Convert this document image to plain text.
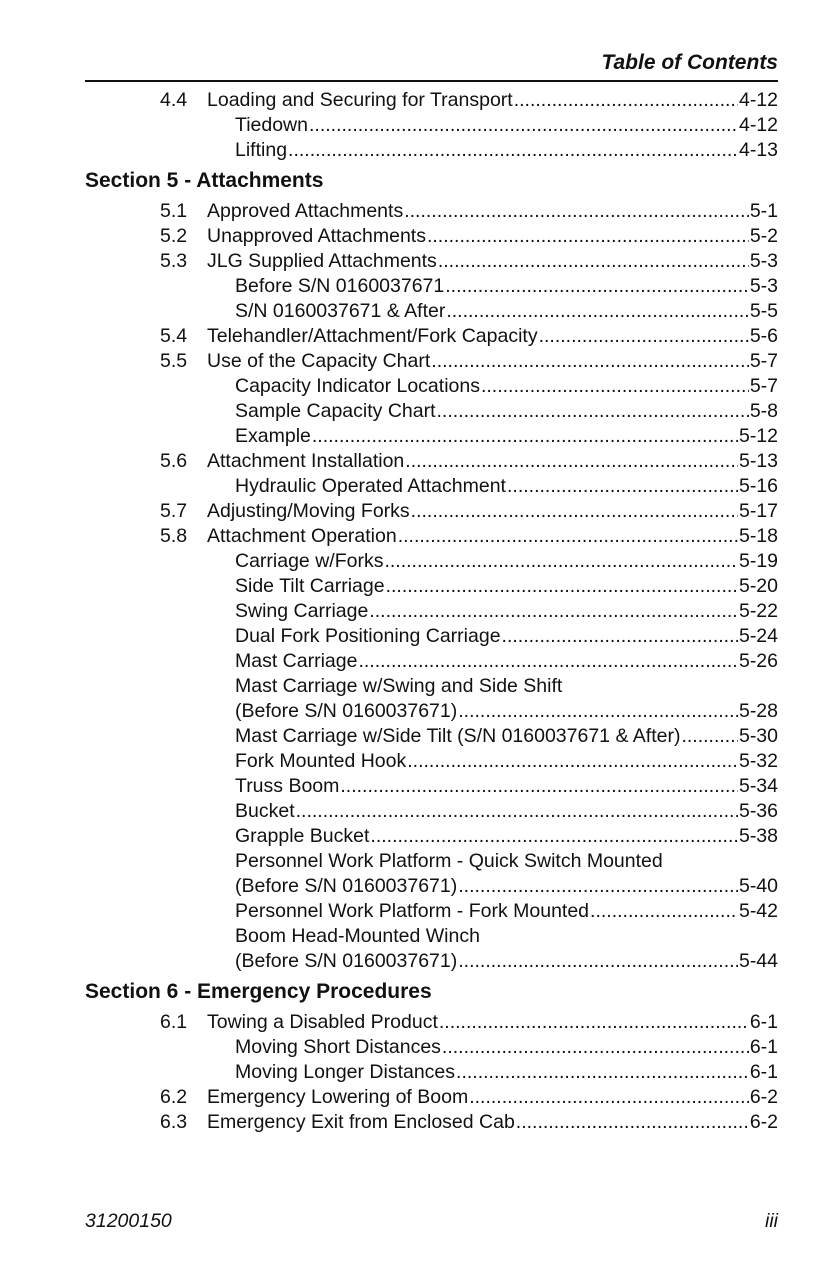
Table of Contents
4.4 Loading and Securing for Transport .....	4-12
Tiedown .....	4-12
Lifting .....	4-13
Section 5 - Attachments
5.1 Approved Attachments .....	5-1
5.2 Unapproved Attachments .....	5-2
5.3 JLG Supplied Attachments .....	5-3
Before S/N 0160037671 .....	5-3
S/N 0160037671 & After .....	5-5
5.4 Telehandler/Attachment/Fork Capacity .....	5-6
5.5 Use of the Capacity Chart .....	5-7
Capacity Indicator Locations .....	5-7
Sample Capacity Chart .....	5-8
Example .....	5-12
5.6 Attachment Installation .....	5-13
Hydraulic Operated Attachment .....	5-16
5.7 Adjusting/Moving Forks .....	5-17
5.8 Attachment Operation .....	5-18
Carriage w/Forks .....	5-19
Side Tilt Carriage .....	5-20
Swing Carriage .....	5-22
Dual Fork Positioning Carriage .....	5-24
Mast Carriage .....	5-26
Mast Carriage w/Swing and Side Shift
(Before S/N 0160037671) .....	5-28
Mast Carriage w/Side Tilt (S/N 0160037671 & After) .....	5-30
Fork Mounted Hook .....	5-32
Truss Boom .....	5-34
Bucket .....	5-36
Grapple Bucket .....	5-38
Personnel Work Platform - Quick Switch Mounted
(Before S/N 0160037671) .....	5-40
Personnel Work Platform - Fork Mounted .....	5-42
Boom Head-Mounted Winch
(Before S/N 0160037671) .....	5-44
Section 6 - Emergency Procedures
6.1 Towing a Disabled Product .....	6-1
Moving Short Distances .....	6-1
Moving Longer Distances .....	6-1
6.2 Emergency Lowering of Boom .....	6-2
6.3 Emergency Exit from Enclosed Cab .....	6-2
31200150	iii
